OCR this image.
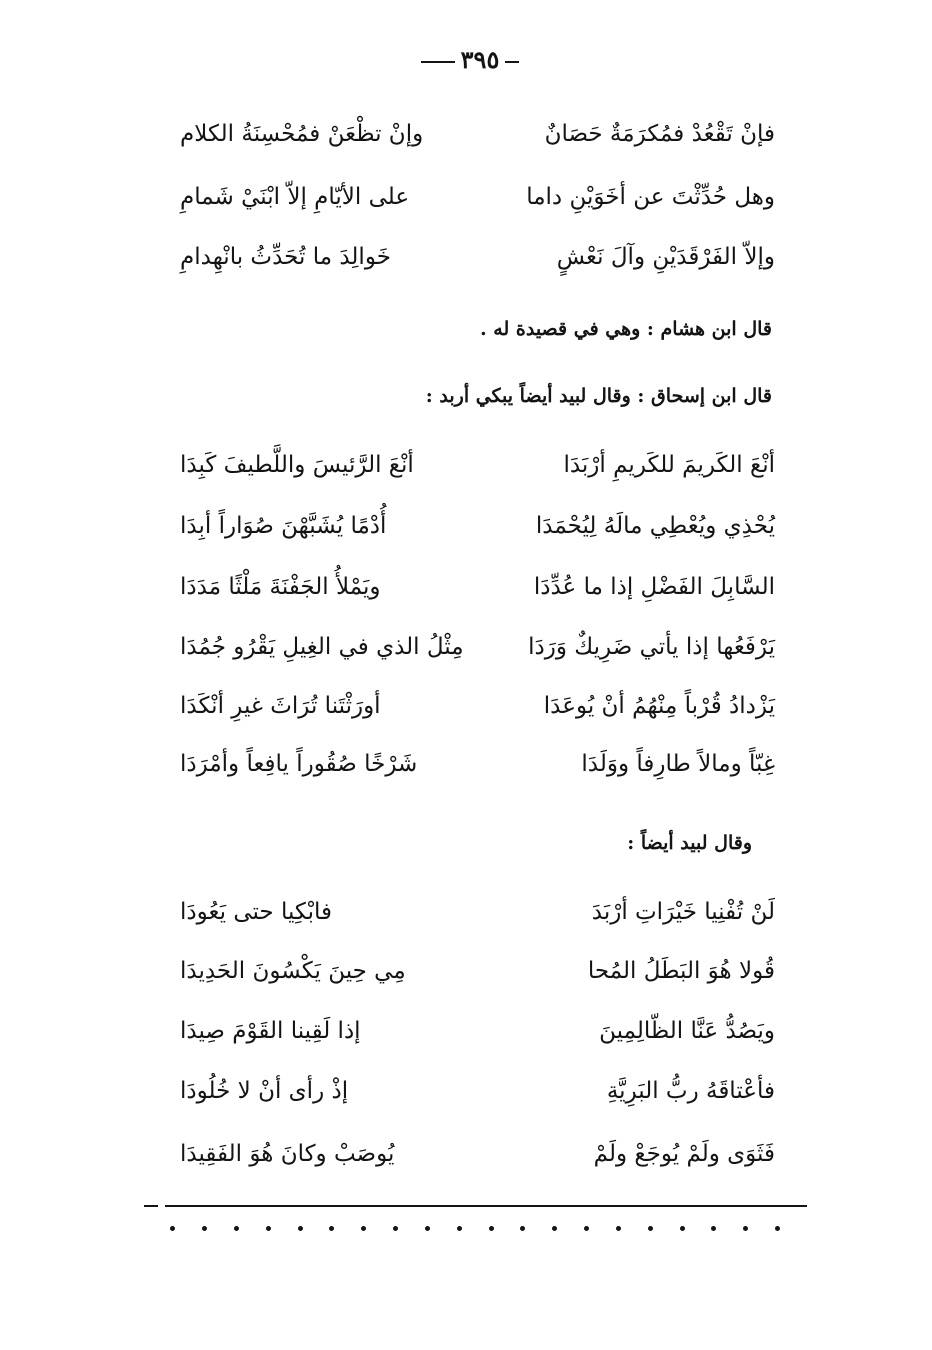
٣٩٥
فإنْ تَقْعُدْ فمُكرَمَةٌ حَصَانٌ
وإنْ تظْعَنْ فمُحْسِنَةُ الكلام
وهل حُدِّثْتَ عن أخَوَيْنِ داما
على الأيّامِ إلاّ ابْنَيْ شَمامِ
وإلاّ الفَرْقَدَيْنِ وآلَ نَعْشٍ
خَوالِدَ ما تُحَدِّثُ بانْهِدامِ
قال ابن هشام : وهي في قصيدة له .
قال ابن إسحاق : وقال لبيد أيضاً يبكي أربد :
أنْعَ الكَريمَ للكَريمِ أرْبَدَا
أنْعَ الرَّئيسَ واللَّطيفَ كَبِدَا
يُحْذِي ويُعْطِي مالَهُ لِيُحْمَدَا
أُدْمًا يُشَبَّهْنَ صُوَاراً أبِدَا
السَّابِلَ الفَضْلِ إذا ما عُدِّدَا
ويَمْلأُ الجَفْنَةَ مَلْثًا مَدَدَا
يَرْفَعُها إذا يأتي ضَرِيكٌ وَرَدَا
مِثْلُ الذي في الغِيلِ يَقْرُو جُمُدَا
يَزْدادُ قُرْباً مِنْهُمُ أنْ يُوعَدَا
أورَثْتَنا تُرَاثَ غيرِ أنْكَدَا
غِبّاً ومالاً طارِفاً ووَلَدَا
شَرْخًا صُقُوراً يافِعاً وأمْرَدَا
وقال لبيد أيضاً :
لَنْ تُفْنِيا خَيْرَاتِ أرْبَدَ
فابْكِيا حتى يَعُودَا
قُولا هُوَ البَطَلُ المُحا
مِي حِينَ يَكْسُونَ الحَدِيدَا
ويَصُدُّ عَنَّا الظّالِمِينَ
إذا لَقِينا القَوْمَ صِيدَا
فأعْتاقَهُ ربُّ البَرِيَّةِ
إذْ رأى أنْ لا خُلُودَا
فَثَوَى ولَمْ يُوجَعْ ولَمْ
يُوصَبْ وكانَ هُوَ الفَقِيدَا
